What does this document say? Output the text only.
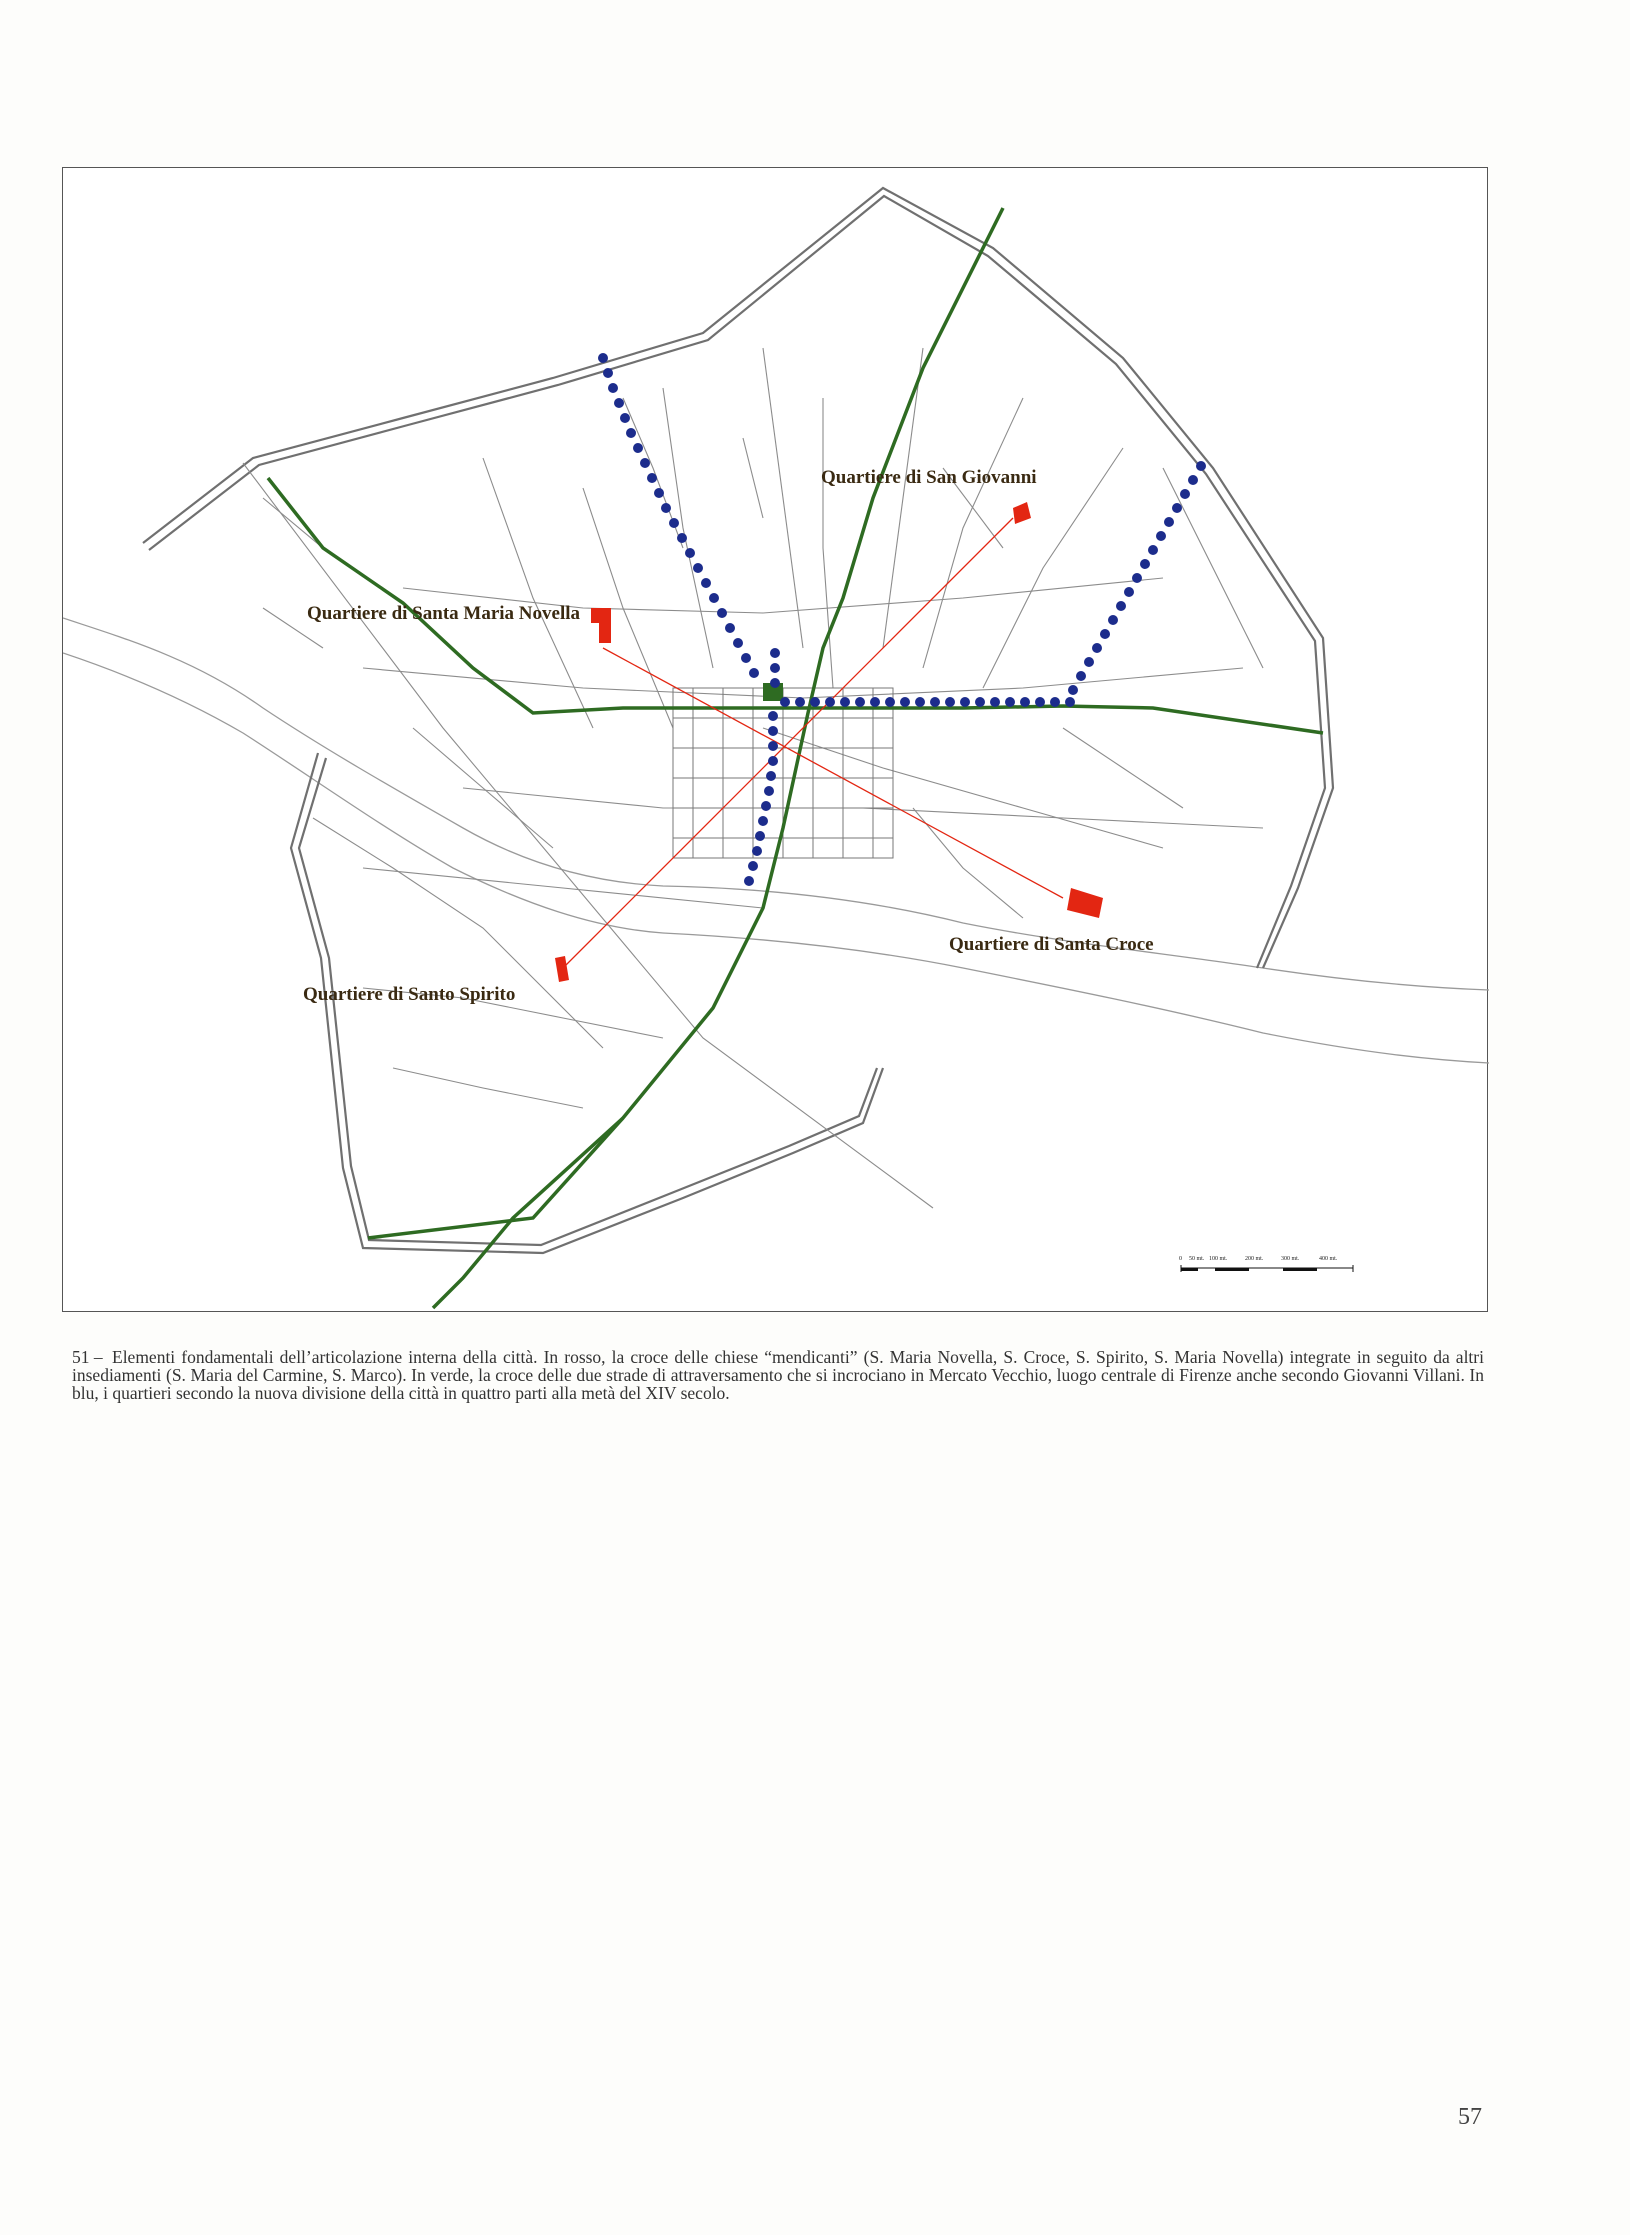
Quartiere di San Giovanni
Quartiere di Santa Maria Novella
Quartiere di Santa Croce
Quartiere di Santo Spirito
0 50 mt. 100 mt.	200 mt.	300 mt.	400 mt.
51 – Elementi fondamentali dell’articolazione interna della città. In rosso, la croce delle chiese “mendicanti” (S. Maria Novella, S. Croce, S. Spirito, S. Maria Novella) integrate in seguito da altri insediamenti (S. Maria del Carmine, S. Marco). In verde, la croce delle due strade di attraversamento che si incrociano in Mercato Vecchio, luogo centrale di Firenze anche secondo Giovanni Villani. In blu, i quartieri secondo la nuova divisione della città in quattro parti alla metà del XIV secolo.
57
